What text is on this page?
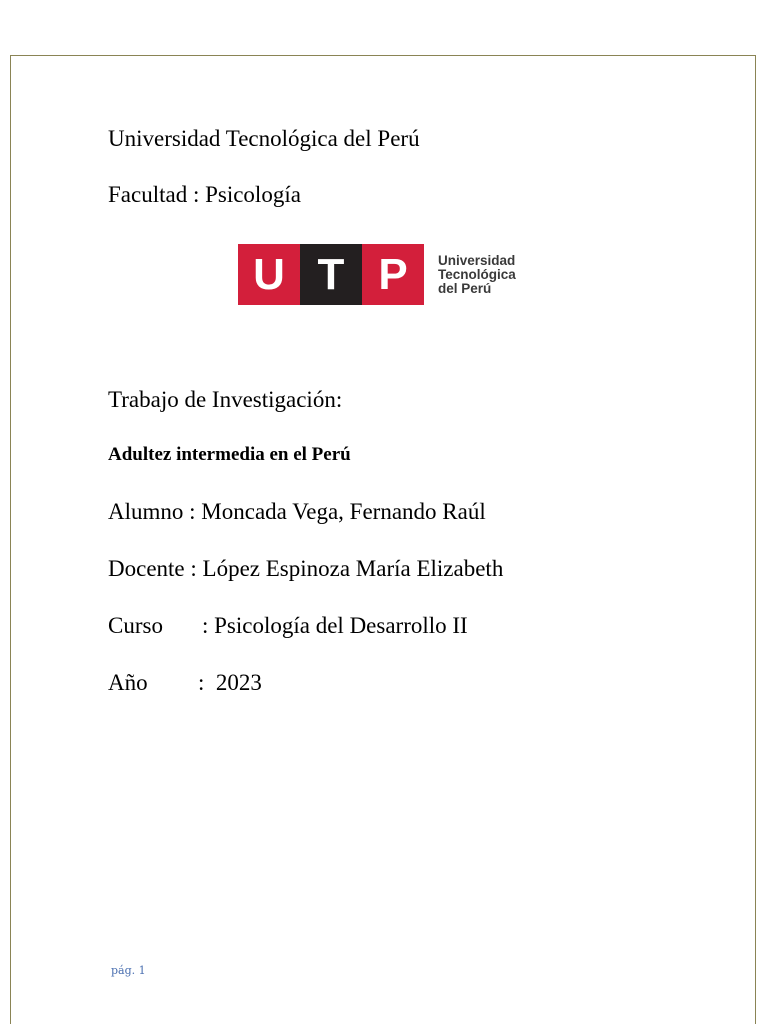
Universidad Tecnológica del Perú
Facultad : Psicología
U T P	Universidad
Tecnológica
del Perú
Trabajo de Investigación:
Adultez intermedia en el Perú
Alumno : Moncada Vega, Fernando Raúl
Docente : López Espinoza María Elizabeth
Curso : Psicología del Desarrollo II
Año : 2023
pág. 1
